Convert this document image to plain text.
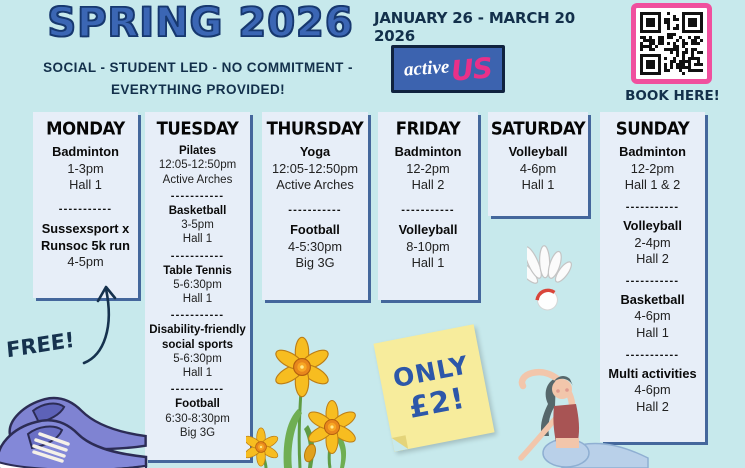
SPRING 2026
SOCIAL - STUDENT LED - NO COMMITMENT -
EVERYTHING PROVIDED!
JANUARY 26 - MARCH 20 2026
active US
BOOK HERE!
MONDAY
Badminton
1-3pm
Hall 1
-----------
Sussexsport x Runsoc 5k run
4-5pm
TUESDAY
Pilates
12:05-12:50pm
Active Arches
-----------
Basketball
3-5pm
Hall 1
-----------
Table Tennis
5-6:30pm
Hall 1
-----------
Disability-friendly social sports
5-6:30pm
Hall 1
-----------
Football
6:30-8:30pm
Big 3G
THURSDAY
Yoga
12:05-12:50pm
Active Arches
-----------
Football
4-5:30pm
Big 3G
FRIDAY
Badminton
12-2pm
Hall 2
-----------
Volleyball
8-10pm
Hall 1
SATURDAY
Volleyball
4-6pm
Hall 1
SUNDAY
Badminton
12-2pm
Hall 1 & 2
-----------
Volleyball
2-4pm
Hall 2
-----------
Basketball
4-6pm
Hall 1
-----------
Multi activities
4-6pm
Hall 2
FREE!
ONLY
£2!
